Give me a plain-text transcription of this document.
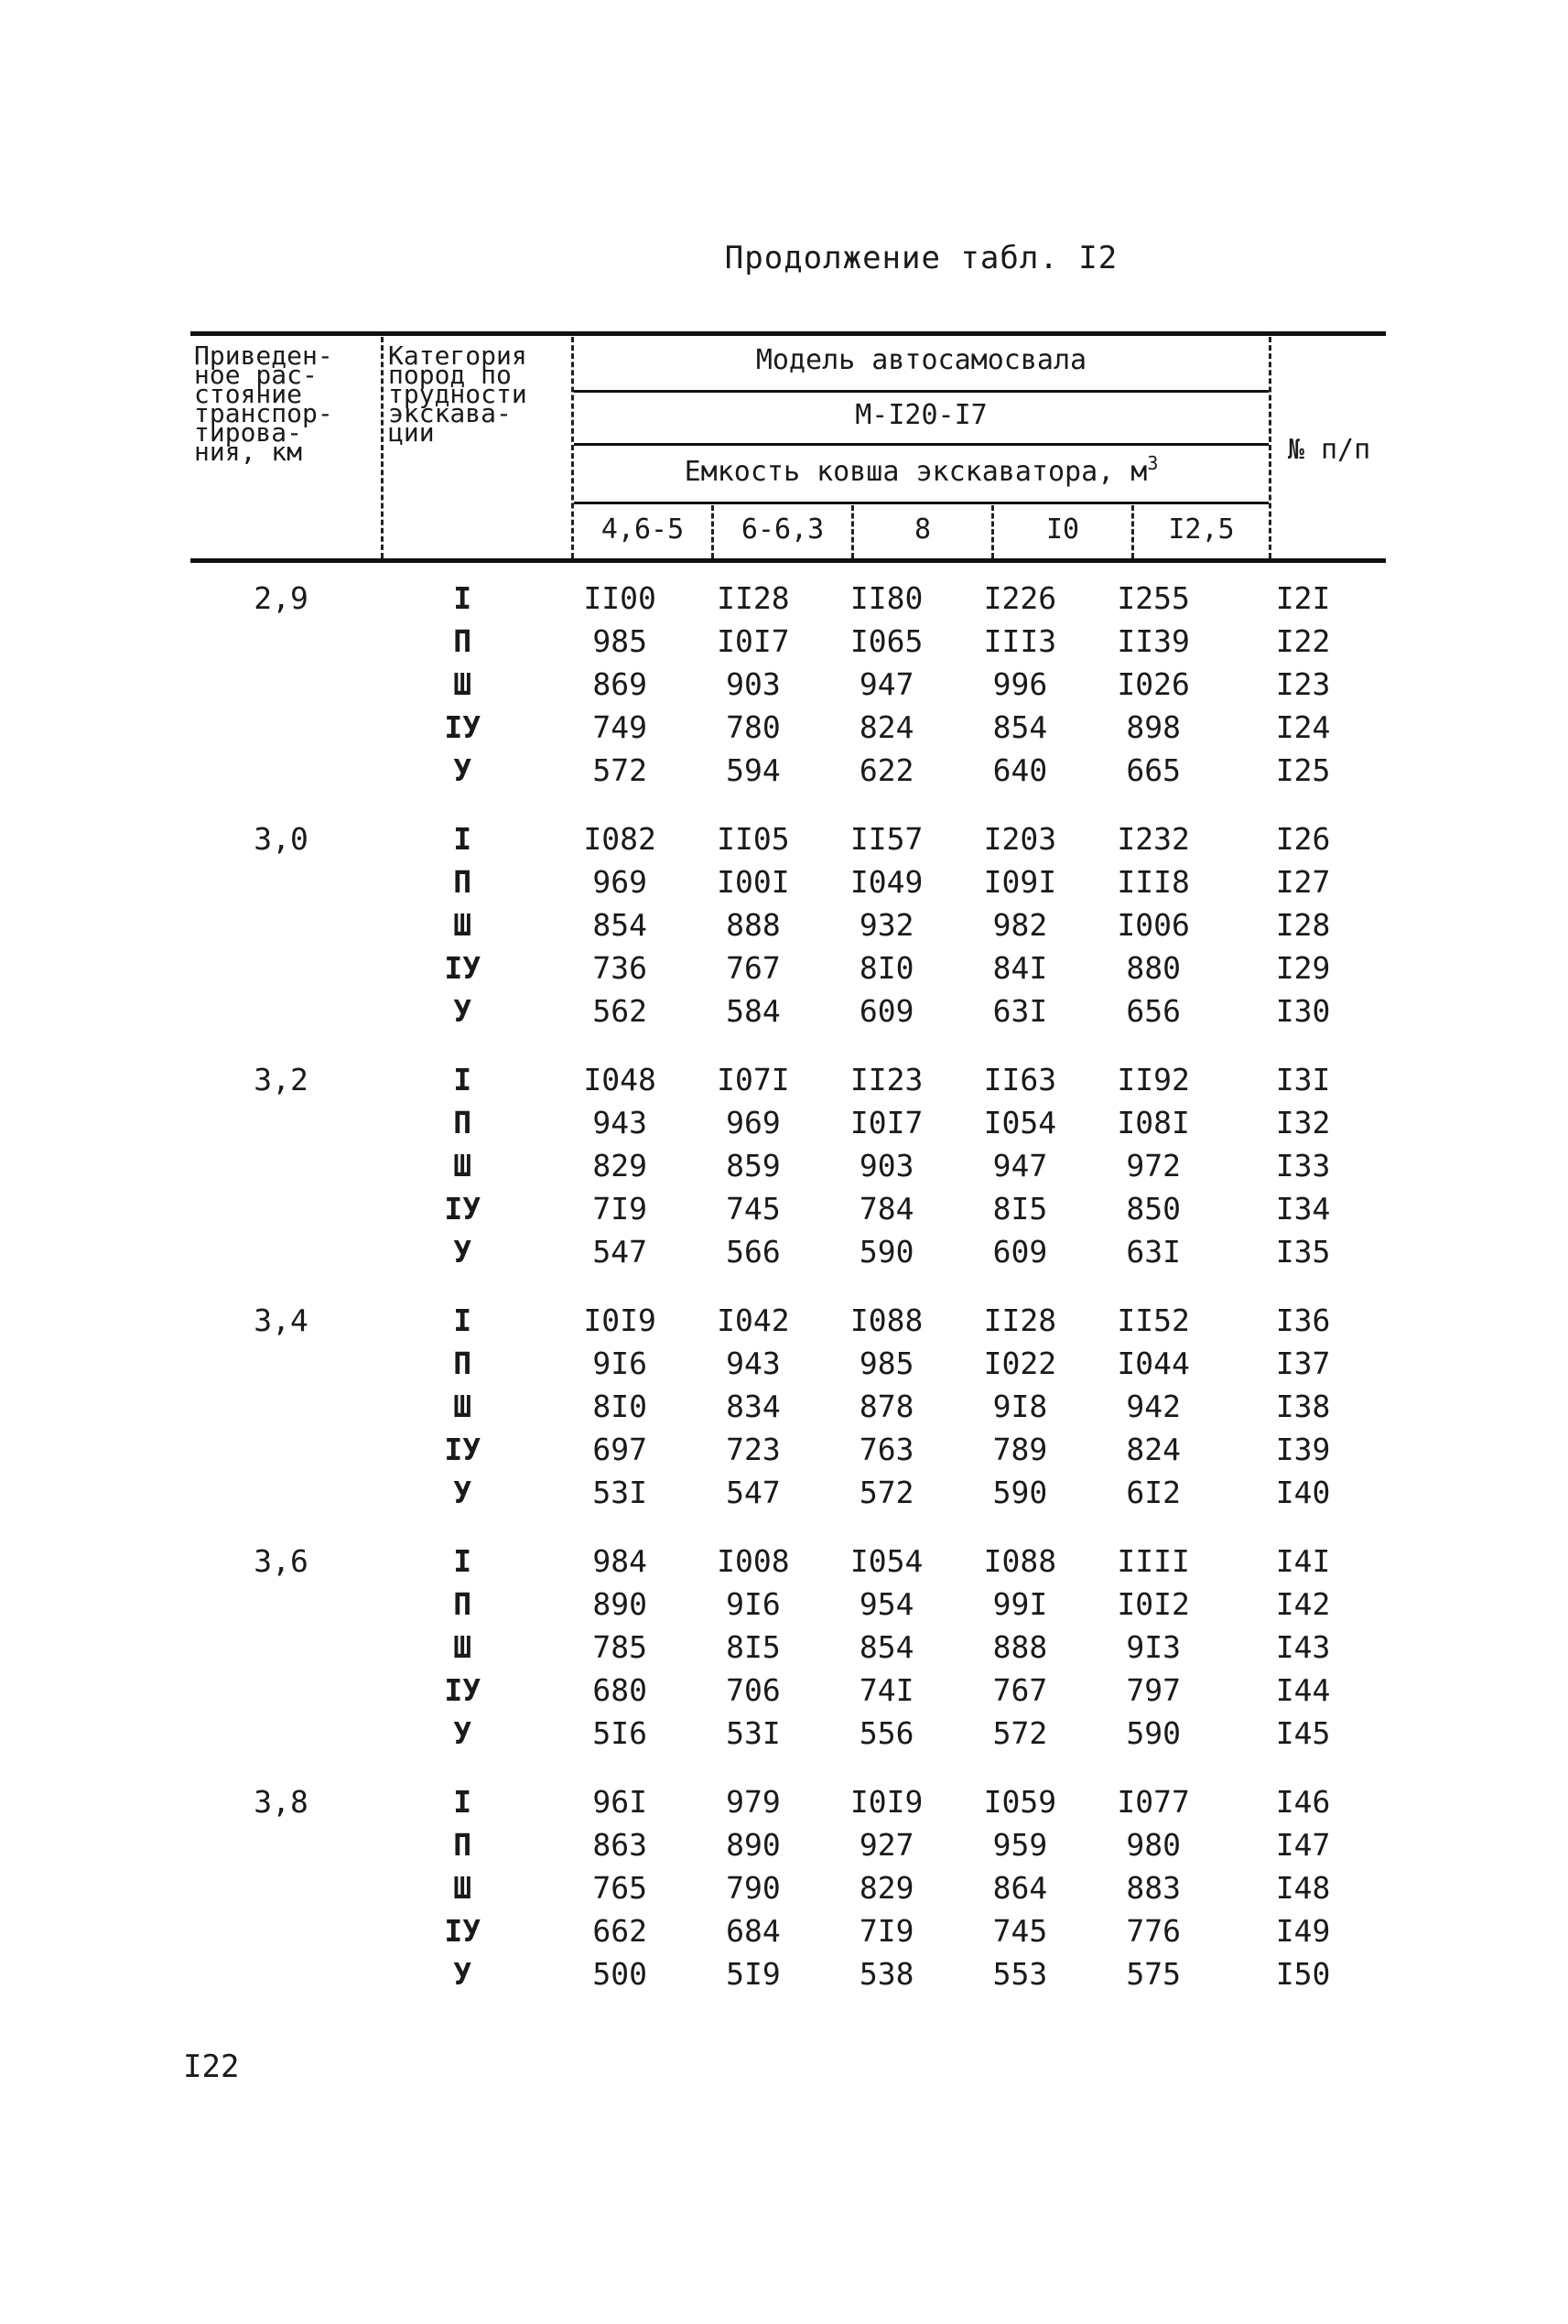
Продолжение табл. I2
Приведен-
ное рас-
стояние
транспор-
тирова-
ния, км
Категория
пород по
трудности
экскава-
ции
Модель автосамосвала
М-I20-I7
Емкость ковша экскаватора, $м^3$
4,6-5	6-6,3	8	I0	I2,5
№ п/п
2,9	I	II00	II28	II80	I226	I255	I2I
П	985	I0I7	I065	III3	II39	I22
Ш	869	903	947	996	I026	I23
ІУ	749	780	824	854	898	I24
У	572	594	622	640	665	I25
3,0	I	I082	II05	II57	I203	I232	I26
П	969	I00I	I049	I09I	III8	I27
Ш	854	888	932	982	I006	I28
ІУ	736	767	8I0	84I	880	I29
У	562	584	609	63I	656	I30
3,2	I	I048	I07I	II23	II63	II92	I3I
П	943	969	I0I7	I054	I08I	I32
Ш	829	859	903	947	972	I33
ІУ	7I9	745	784	8I5	850	I34
У	547	566	590	609	63I	I35
3,4	I	I0I9	I042	I088	II28	II52	I36
П	9I6	943	985	I022	I044	I37
Ш	8I0	834	878	9I8	942	I38
ІУ	697	723	763	789	824	I39
У	53I	547	572	590	6I2	I40
3,6	I	984	I008	I054	I088	IIII	I4I
П	890	9I6	954	99I	I0I2	I42
Ш	785	8I5	854	888	9I3	I43
ІУ	680	706	74I	767	797	I44
У	5I6	53I	556	572	590	I45
3,8	I	96I	979	I0I9	I059	I077	I46
П	863	890	927	959	980	I47
Ш	765	790	829	864	883	I48
ІУ	662	684	7I9	745	776	I49
У	500	5I9	538	553	575	I50
I22
